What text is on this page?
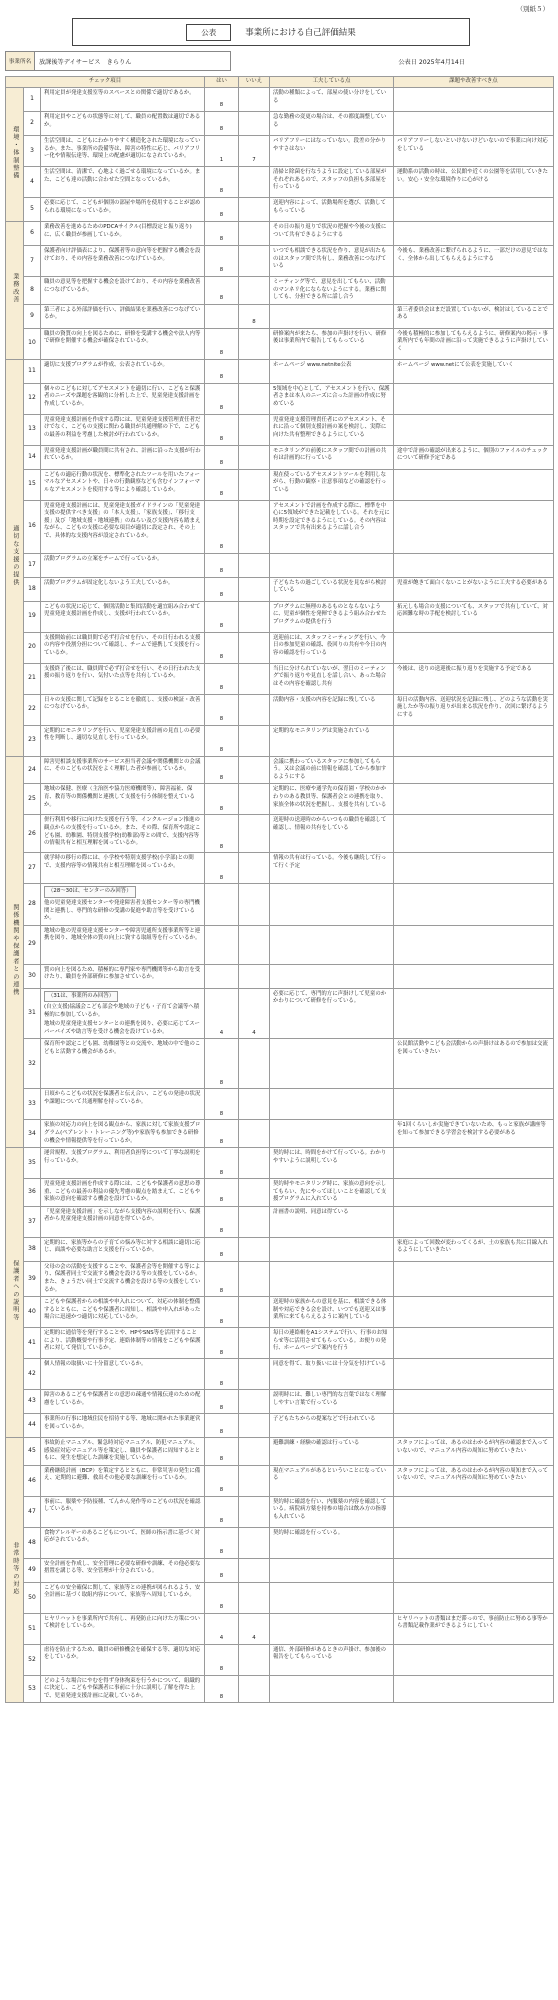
（別紙５）
公表	事業所における自己評価結果
事業所名	放課後等デイサービス　きらりん	公表日 2025年4月14日
チェック項目			はい	いいえ	工夫している点	課題や改善すべき点
環境・体制整備	1	利用定員が発達支援室等のスペースとの関係で適切であるか。	8		活動の種類によって、部屋の使い分けをしている	
	2	利用定員やこどもの状態等に対して、職員の配置数は適切であるか。	8		急な勤務の変更の場合は、その都度調整している	
	3	生活空間は、こどもにわかりやすく構造化された環境になっているか。また、事業所の設備等は、障害の特性に応じ、バリアフリー化や情報伝達等、環境上の配慮が適切になされているか。	1	7	バリアフリーにはなっていない。段差の分かりやすさはない	バリアフリーしないといけないけどいないので事業に向け対応をしている
	4	生活空間は、清潔で、心地よく過ごせる環境になっているか。また、こども達の活動に合わせた空間となっているか。	8		清掃と除菌を行なうように設定している部屋がそれぞれあるので、スタッフの負担も多部屋を行っている	運動系の活動の時は、公民館や近くの公園等を活用していきたい。安心・安全な環境作りに心がける
	5	必要に応じて、こどもが個別の部屋や場所を使用することが認められる環境になっているか。	8		送迎内容によって、活動場所を選び、活動してもらっている	
業務改善	6	業務改善を進めるためのPDCAサイクル(目標設定と振り返り)に、広く職員が参画しているか。	8		その日の振り返りで状況の把握や今後の支援について共有できるようにする	
	7	保護者向け評価表により、保護者等の意向等を把握する機会を設けており、その内容を業務改善につなげているか。	8		いつでも相談できる状況を作り、意見が出たものはスタッフ間で共有し、業務改善につなげている	今後も、業務改善に繋げられるように、一部だけの意見ではなく、全体から出してもらえるようにする
	8	職員の意見等を把握する機会を設けており、その内容を業務改善につなげているか。	8		ミーティング等で、意見を出してもらい、活動のマンネリ化にならないようにする。業務に関しても、分担できる所に話し合う	
	9	第三者による外部評価を行い、評価結果を業務改善につなげているか。		8		第三者委員会はまだ設置していないが、検討はしていることである
	10	職員の資質の向上を図るために、研修を受講する機会や法人内等で研修を開催する機会が確保されているか。	8		研修案内が来たら、参加の声掛けを行い、研修後は事業所内で報告してもらっている	今後も積極的に参加してもらえるように、研修案内の掲示・事業所内でも年間の計画に沿って実施できるように声掛けしていく
適切な支援の提供	11	適切に支援プログラムが作成、公表されているか。	8		ホームページ www.netnite公表	ホームページ www.netにて公表を実施していく
	12	個々のこどもに対してアセスメントを適切に行い、こどもと保護者のニーズや課題を客観的に分析した上で、児童発達支援計画を作成しているか。	8		5領域を中心として、アセスメントを行い、保護者さまは本人のニーズに合った計画の作成に努めている	
	13	児童発達支援計画を作成する際には、児童発達支援管理責任者だけでなく、こどもの支援に関わる職員が共通理解の下で、こどもの最善の利益を考慮した検討が行われているか。	8		児童発達支援管理責任者にのアセスメント、それに沿って個別支援計画の案を検討し、実際に向けた共有整理できるようにしている	
	14	児童発達支援計画が職員間に共有され、計画に沿った支援が行われているか。	8		モニタリングの前後にスタッフ間での計画の共有は計画的に行っている	途中で計画の確認が出来るように、個別のファイルのチェックについて研修予定である
	15	こどもの適応行動の状況を、標準化されたツールを用いたフォーマルなアセスメントや、日々の行動観察なども含むインフォーマルなアセスメントを使用する等により確認しているか。	8		現在使っているアセスメントツールを利用しながら、行動の観察・注意事項などの確認を行っている	
	16	児童発達支援計画には、児童発達支援ガイドラインの「児童発達支援の提供すべき支援」の「本人支援」、「家族支援」、「移行支援」及び「地域支援・地域連携」のねらい及び支援内容も踏まえながら、こどもの支援に必要な項目が適切に設定され、その上で、具体的な支援内容が設定されているか。	8		アセスメントで計画を作成する際に、標準を中心に5領域ができた記載をしている。それを元に時期を設定できるようにしている。その内容はスタッフで共有出来るように話し合う	
	17	活動プログラムの立案をチームで行っているか。	8			
	18	活動プログラムが固定化しないよう工夫しているか。	8		子どもたちの過ごしている状況を見ながら検討している	児童が飽きて面白くないことがないように工夫する必要がある
	19	こどもの状況に応じて、個別活動と集団活動を適宜組み合わせて児童発達支援計画を作成し、支援が行われているか。	8		プログラムに無理のあるものとならないように、児童が個性を発揮できるよう組み合わせたプログラムの提供を行う	拓元しも場合の支援についても、スタッフで共有していて、対応困難な時の手配を検討している
	20	支援開始前には職員間で必ず打合せを行い、その日行われる支援の内容や役割分担について確認し、チームで連携して支援を行っているか。	8		送迎前には、スタッフミーティングを行い、今日の参加児童の確認、役回りの共有や今日の内容の確認を行っている	
	21	支援終了後には、職員間で必ず打合せを行い、その日行われた支援の振り返りを行い、気付いた点等を共有しているか。	8		当日に分けられていないが、翌日のミーティングで振り返りや見直しを話し合い、あった場合はその内容を確認し共有	今後は、送りの送迎後に振り返りを実施する予定である
	22	日々の支援に関して記録をとることを徹底し、支援の検証・改善につなげているか。	8		活動内容・支援の内容を記録に残している	毎日の活動内容、送迎状況を記録に残し、どのような活動を実施したか等の振り返りが出来る状況を作り、次回に繋げるようにする
	23	定期的にモニタリングを行い、児童発達支援計画の見直しの必要性を判断し、適切な見直しを行っているか。	8		定期的なモニタリングは実施されている	
関係機関や保護者との連携	24	障害児相談支援事業所のサービス担当者会議や関係機関との会議に、そのこどもの状況をよく理解した者が参画しているか。	8		会議に携わっているスタッフに参加してもらう。又は会議の前に情報を確認してから参加するようにする	
	25	地域の保健、医療（主治医や協力医療機関等）、障害福祉、保育、教育等の関係機関と連携して支援を行う体制を整えているか。	8		定期的に、医療や通学先の保育園・学校のかかわりのある教員等、保護者会との連携を取り、家族全体の状況を把握し、支援を共有している	
	26	併行利用や移行に向けた支援を行う等、インクルージョン推進の観点からの支援を行っているか。また、その際、保育所や認定こども園、幼稚園、特別支援学校(幼稚部)等との間で、支援内容等の情報共有と相互理解を図っているか。	8		送迎時の送迎時のからいつもの職員を確認して確認し、情報の共有をしている	
	27	就学時の移行の際には、小学校や特別支援学校(小学部)との間で、支援内容等の情報共有と相互理解を図っているか。	8		情報の共有は行っている。今後も継続して行って行く予定	
	28	（28～30は、センターのみ回答）
他の児童発達支援センターや発達障害者支援センター等の専門機関と連携し、専門的な研修の受講の促進や助言等を受けているか。				

	29	地域の他の児童発達支援センターや障害児通所支援事業所等と連携を図り、地域全体の質の向上に資する取組等を行っているか。				

	30	質の向上を図るため、積極的に専門家や専門機関等から助言を受けたり、職員を外部研修に参加させているか。				

	31	（31は、事業所のみ回答）
(自立支援)協議会こども部会や地域の子ども・子育て会議等へ積極的に参加しているか。
地域の児童発達支援センターとの連携を図り、必要に応じてスーパーバイズや助言等を受ける機会を設けているか。	4	4	必要に応じて、専門的方に声掛けして児童のかかわりについて研修を行っている。	
	32	保育所や認定こども園、幼稚園等との交流や、地域の中で他のこどもと活動する機会があるか。	8			公民館活動やこども会活動からの声掛けはあるので参加は交流を図っていきたい
	33	日頃からこどもの状況を保護者と伝え合い、こどもの発達の状況や課題について共通理解を持っているか。	8			
	34	家族の対応力の向上を図る観点から、家族に対して家族支援プログラム(ペアレント・トレーニング等)や家族等も参加できる研修の機会や情報提供等を行っているか。	8			年1回くらいしか実施できていないため、もっと家族が講座等を知って参加できる学習会を検討する必要がある
保護者への説明等	35	運営規程、支援プログラム、利用者負担等について丁寧な説明を行っているか。	8		契約時には、時間をかけて行っている。わかりやすいように説明している	
	36	児童発達支援計画を作成する際には、こどもや保護者の意思の尊重、こどもの最善の利益の優先考慮の観点を踏まえて、こどもや家族の意向を確認する機会を設けているか。	8		契約時やモニタリング時に、家族の意向を示してもらい、先にやってほしいことを確認して支援プログラムに入れている	
	37	「児童発達支援計画」を示しながら支援内容の説明を行い、保護者から児童発達支援計画の同意を得ているか。	8		計画書の説明、同意は得ている	
	38	定期的に、家族等からの子育ての悩み等に対する相談に適切に応じ、面談や必要な助言と支援を行っているか。	8			家庭によって回数が変わってくるが、土の家族も共に目線入れるようにしていきたい
	39	父母の会の活動を支援することや、保護者会等を開催する等により、保護者同士で交流する機会を設ける等の支援をしているか。また、きょうだい同士で交流する機会を設ける等の支援をしているか。	8			
	40	こどもや保護者からの相談や申入れについて、対応の体制を整備するとともに、こどもや保護者に周知し、相談や申入れがあった場合に迅速かつ適切に対応しているか。	8		送迎時の家族からの意見を基に、相談できる体制や対応できる会を設け、いつでも送迎又は事業所に来てもらえるように案内している	
	41	定期的に通信等を発行することや、HPやSNS等を活用することにより、活動概要や行事予定、連絡体制等の情報をこどもや保護者に対して発信しているか。	8		毎日の連絡帳をA1システムで行い、行事のお知らせ等に活用させてもらっている。お便りの発行、ホームページで案内を行う	
	42	個人情報の取扱いに十分留意しているか。	8		同意を得て、取り扱いには十分気を付けている	
	43	障害のあるこどもや保護者との意思の疎通や情報伝達のための配慮をしているか。	8		説明時には、難しい専門的な言葉ではなく理解しやすい言葉で行っている	
	44	事業所の行事に地域住民を招待する等、地域に開かれた事業運営を図っているか。	8		子どもたちからの提案などで行われている	
非常時等の対応	45	事故防止マニュアル、緊急時対応マニュアル、防犯マニュアル、感染症対応マニュアル等を策定し、職員や保護者に周知するとともに、発生を想定した訓練を実施しているか。	8		避難訓練・経験の確認は行っている	スタッフによっては、あるのはわかるが内容の確認まで入っていないので、マニュアル内容の周知に努めていきたい
	46	業務継続計画（BCP）を策定するとともに、非常災害の発生に備え、定期的に避難、救出その他必要な訓練を行っているか。	8		現在マニュアルがあるといういことになっている	スタッフによっては、あるのはわかるが内容の周知まで入っていないので、マニュアル内容の周知に努めていきたい
	47	事前に、服薬や予防接種、てんかん発作等のこどもの状況を確認しているか。	8		契約時に確認を行い、内服薬の内容を確認している。病院病方薬を持参の場合は飲み方の指導も入れている	
	48	食物アレルギーのあるこどもについて、医師の指示書に基づく対応がされているか。	8		契約時に確認を行っている。	
	49	安全計画を作成し、安全管理に必要な研修や訓練、その他必要な措置を講じる等、安全管理が十分されている。	8			
	50	こどもの安全確保に関して、家族等との連携が図られるよう、安全計画に基づく取組内容について、家族等へ周知しているか。	8			
	51	ヒヤリハットを事業所内で共有し、再発防止に向けた方策について検討をしているか。	4	4		ヒヤリハットの書類はまだ滞っので、事前防止に努める事等から書類記載作業ができるようにしていく
	52	虐待を防止するため、職員の研修機会を確保する等、適切な対応をしているか。	8		通信、外部研修があるときの声掛け、参加後の報告をしてもらっている	
	53	どのような場合にやむを得ず身体拘束を行うかについて、組織的に決定し、こどもや保護者に事前に十分に説明し了解を得た上で、児童発達支援計画に記載しているか。	8			
